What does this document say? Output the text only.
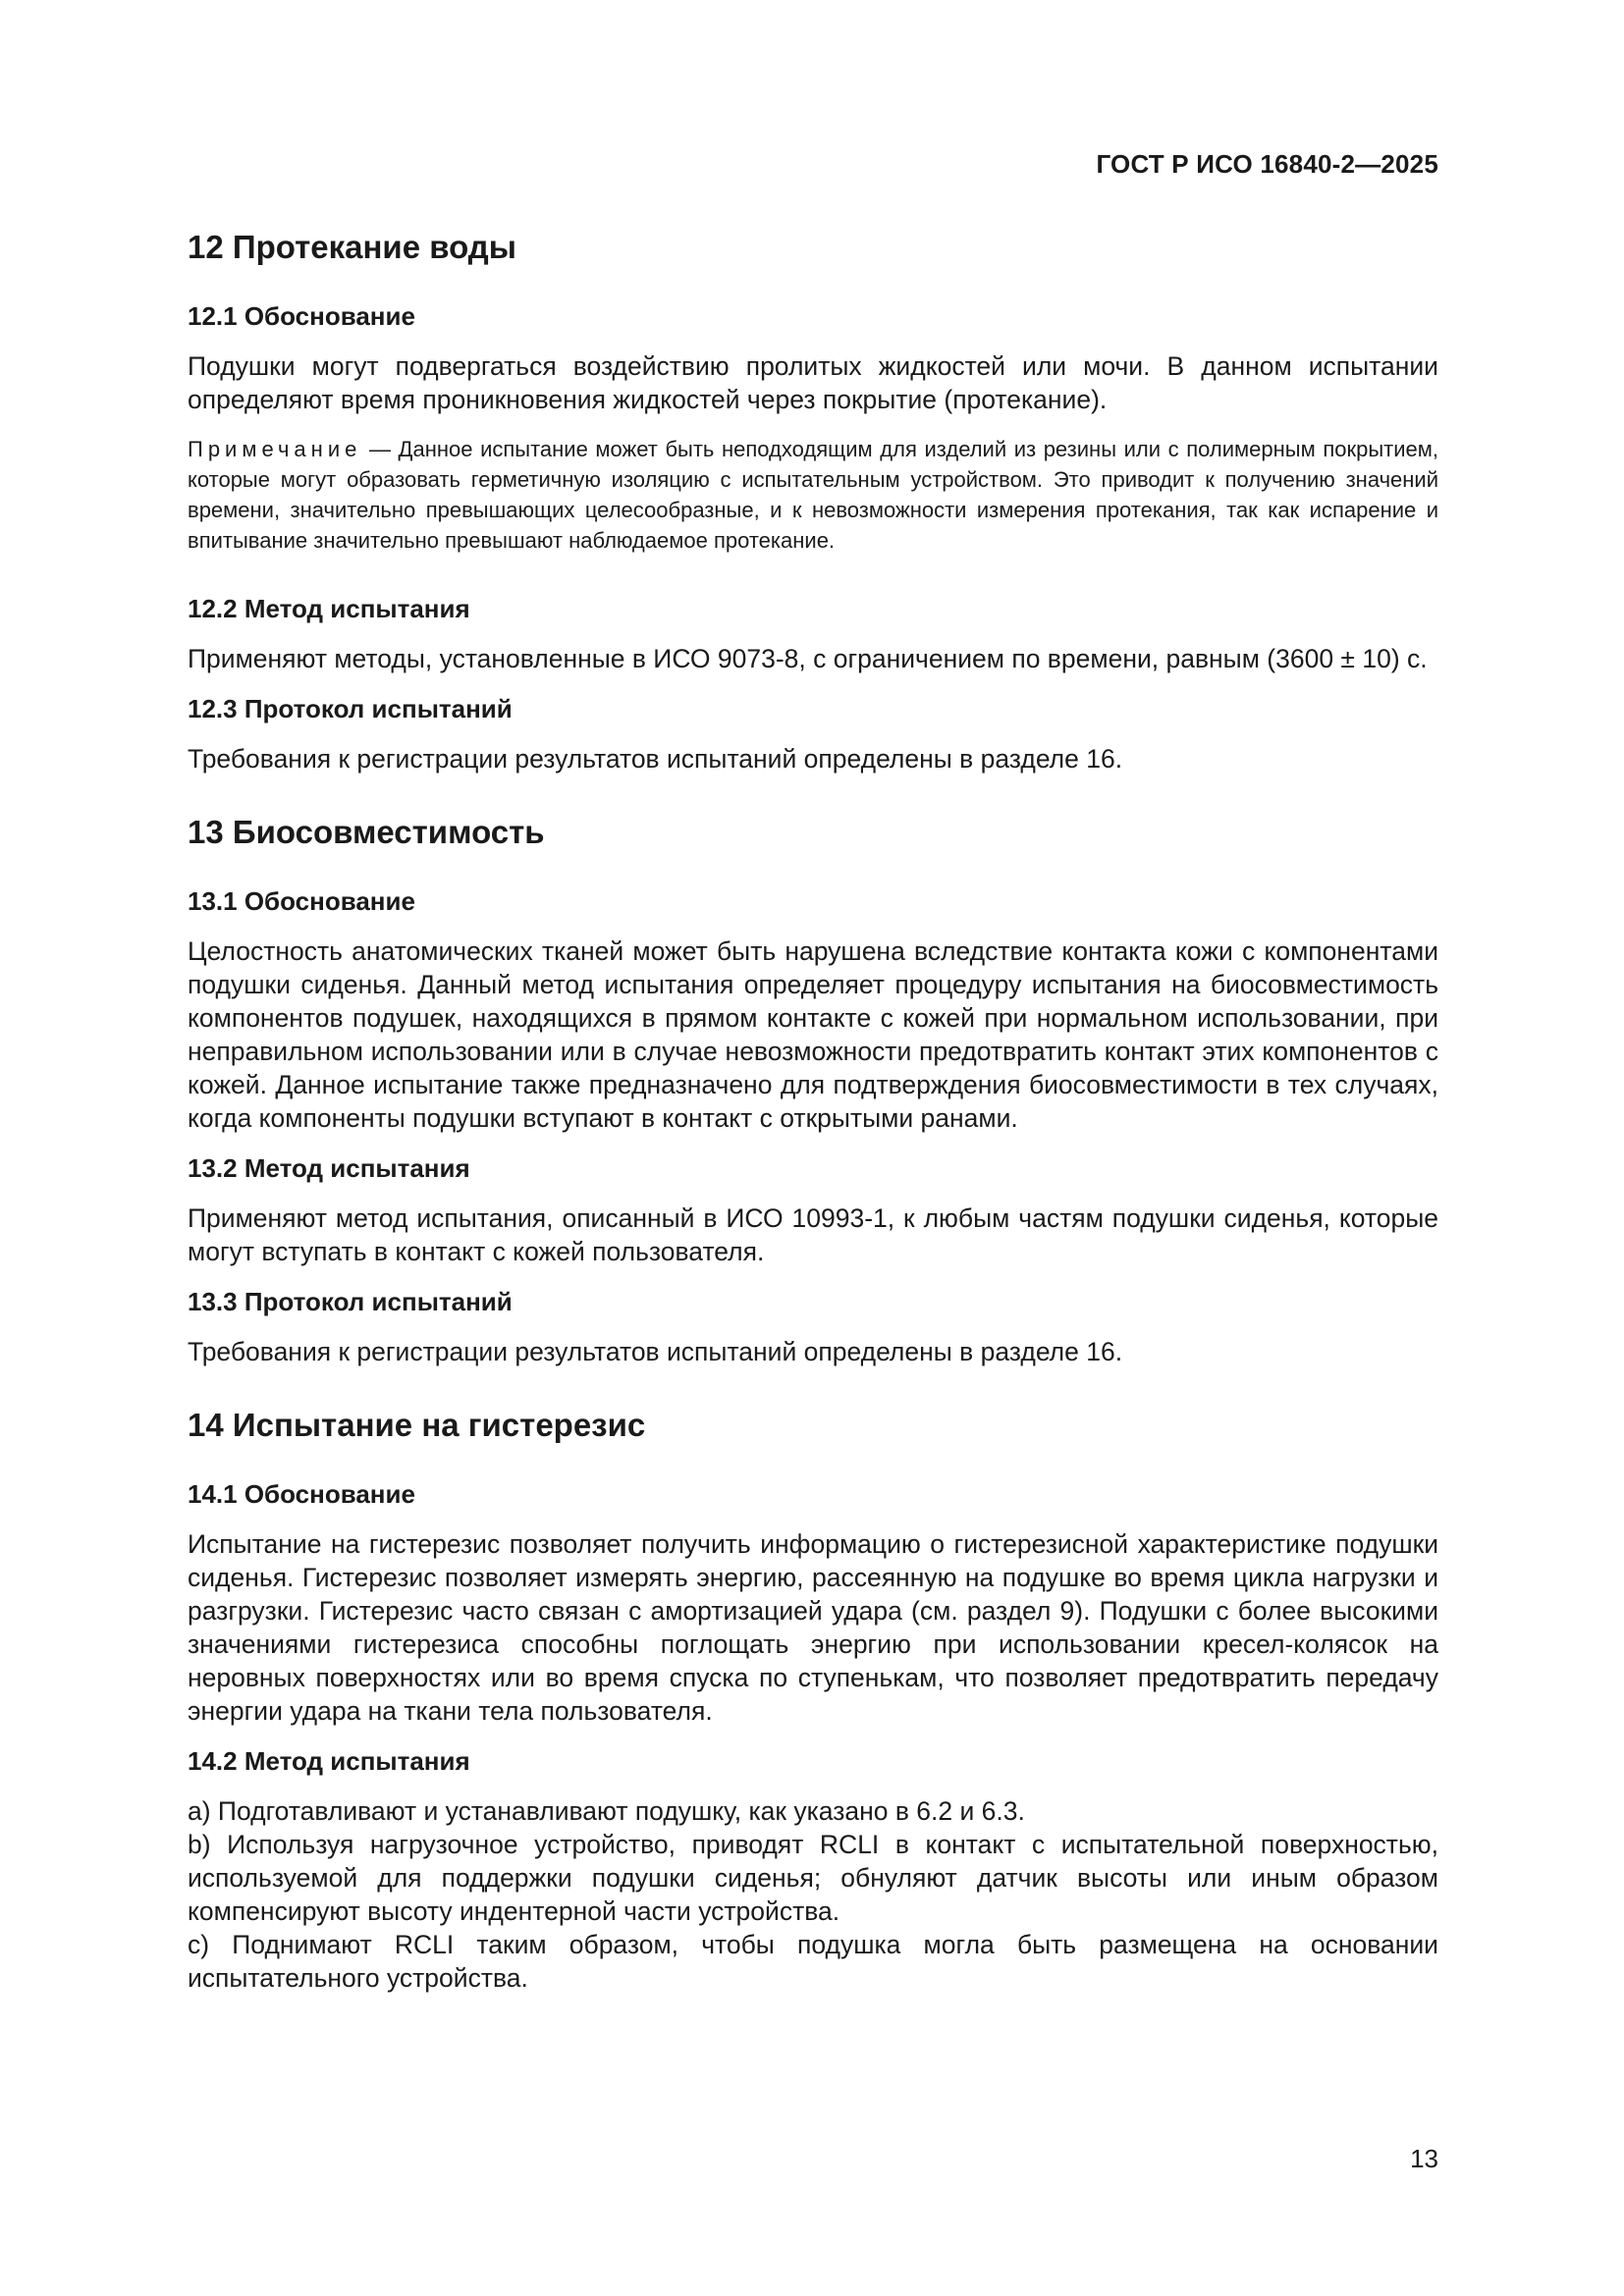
ГОСТ Р ИСО 16840-2—2025
12 Протекание воды
12.1 Обоснование

Подушки могут подвергаться воздействию пролитых жидкостей или мочи. В данном испытании определяют время проникновения жидкостей через покрытие (протекание).

Примечание — Данное испытание может быть неподходящим для изделий из резины или с полимерным покрытием, которые могут образовать герметичную изоляцию с испытательным устройством. Это приводит к получению значений времени, значительно превышающих целесообразные, и к невозможности измерения протекания, так как испарение и впитывание значительно превышают наблюдаемое протекание.

12.2 Метод испытания

Применяют методы, установленные в ИСО 9073-8, с ограничением по времени, равным (3600 ± 10) с.

12.3 Протокол испытаний

Требования к регистрации результатов испытаний определены в разделе 16.

13 Биосовместимость
13.1 Обоснование

Целостность анатомических тканей может быть нарушена вследствие контакта кожи с компонентами подушки сиденья. Данный метод испытания определяет процедуру испытания на биосовместимость компонентов подушек, находящихся в прямом контакте с кожей при нормальном использовании, при неправильном использовании или в случае невозможности предотвратить контакт этих компонентов с кожей. Данное испытание также предназначено для подтверждения биосовместимости в тех случаях, когда компоненты подушки вступают в контакт с открытыми ранами.

13.2 Метод испытания

Применяют метод испытания, описанный в ИСО 10993-1, к любым частям подушки сиденья, которые могут вступать в контакт с кожей пользователя.

13.3 Протокол испытаний

Требования к регистрации результатов испытаний определены в разделе 16.

14 Испытание на гистерезис
14.1 Обоснование

Испытание на гистерезис позволяет получить информацию о гистерезисной характеристике подушки сиденья. Гистерезис позволяет измерять энергию, рассеянную на подушке во время цикла нагрузки и разгрузки. Гистерезис часто связан с амортизацией удара (см. раздел 9). Подушки с более высокими значениями гистерезиса способны поглощать энергию при использовании кресел-колясок на неровных поверхностях или во время спуска по ступенькам, что позволяет предотвратить передачу энергии удара на ткани тела пользователя.

14.2 Метод испытания

a) Подготавливают и устанавливают подушку, как указано в 6.2 и 6.3.

b) Используя нагрузочное устройство, приводят RCLI в контакт с испытательной поверхностью, используемой для поддержки подушки сиденья; обнуляют датчик высоты или иным образом компенсируют высоту индентерной части устройства.

c) Поднимают RCLI таким образом, чтобы подушка могла быть размещена на основании испытательного устройства.

13
